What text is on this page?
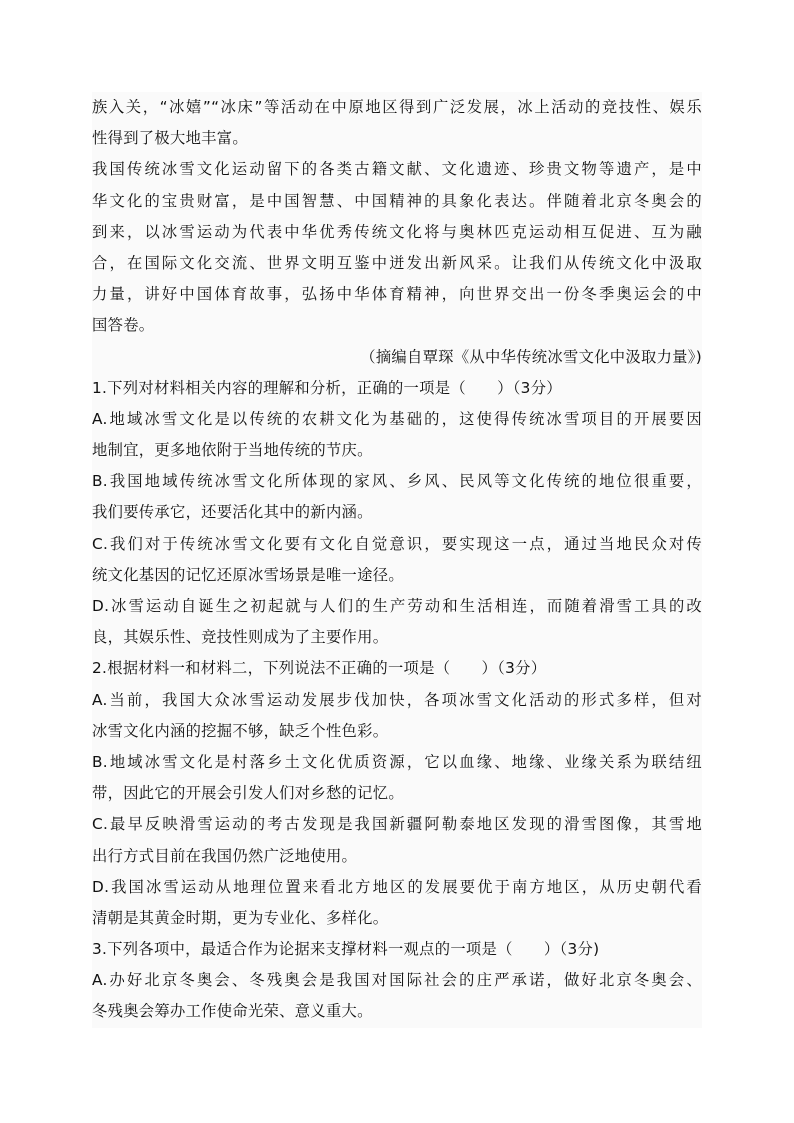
族入关，“冰嬉”“冰床”等活动在中原地区得到广泛发展，冰上活动的竞技性、娱乐
性得到了极大地丰富。
我国传统冰雪文化运动留下的各类古籍文献、文化遗迹、珍贵文物等遗产，是中
华文化的宝贵财富，是中国智慧、中国精神的具象化表达。伴随着北京冬奥会的
到来，以冰雪运动为代表中华优秀传统文化将与奥林匹克运动相互促进、互为融
合，在国际文化交流、世界文明互鉴中迸发出新风采。让我们从传统文化中汲取
力量，讲好中国体育故事，弘扬中华体育精神，向世界交出一份冬季奥运会的中
国答卷。
（摘编自覃琛《从中华传统冰雪文化中汲取力量》)
1.下列对材料相关内容的理解和分析，正确的一项是（　　）（3分）
A.地域冰雪文化是以传统的农耕文化为基础的，这使得传统冰雪项目的开展要因
地制宜，更多地依附于当地传统的节庆。
B.我国地域传统冰雪文化所体现的家风、乡风、民风等文化传统的地位很重要，
我们要传承它，还要活化其中的新内涵。
C.我们对于传统冰雪文化要有文化自觉意识，要实现这一点，通过当地民众对传
统文化基因的记忆还原冰雪场景是唯一途径。
D.冰雪运动自诞生之初起就与人们的生产劳动和生活相连，而随着滑雪工具的改
良，其娱乐性、竞技性则成为了主要作用。
2.根据材料一和材料二，下列说法不正确的一项是（　　）（3分）
A.当前，我国大众冰雪运动发展步伐加快，各项冰雪文化活动的形式多样，但对
冰雪文化内涵的挖掘不够，缺乏个性色彩。
B.地域冰雪文化是村落乡土文化优质资源，它以血缘、地缘、业缘关系为联结纽
带，因此它的开展会引发人们对乡愁的记忆。
C.最早反映滑雪运动的考古发现是我国新疆阿勒泰地区发现的滑雪图像，其雪地
出行方式目前在我国仍然广泛地使用。
D.我国冰雪运动从地理位置来看北方地区的发展要优于南方地区，从历史朝代看
清朝是其黄金时期，更为专业化、多样化。
3.下列各项中，最适合作为论据来支撑材料一观点的一项是（　　）（3分)
A.办好北京冬奥会、冬残奥会是我国对国际社会的庄严承诺，做好北京冬奥会、
冬残奥会筹办工作使命光荣、意义重大。
